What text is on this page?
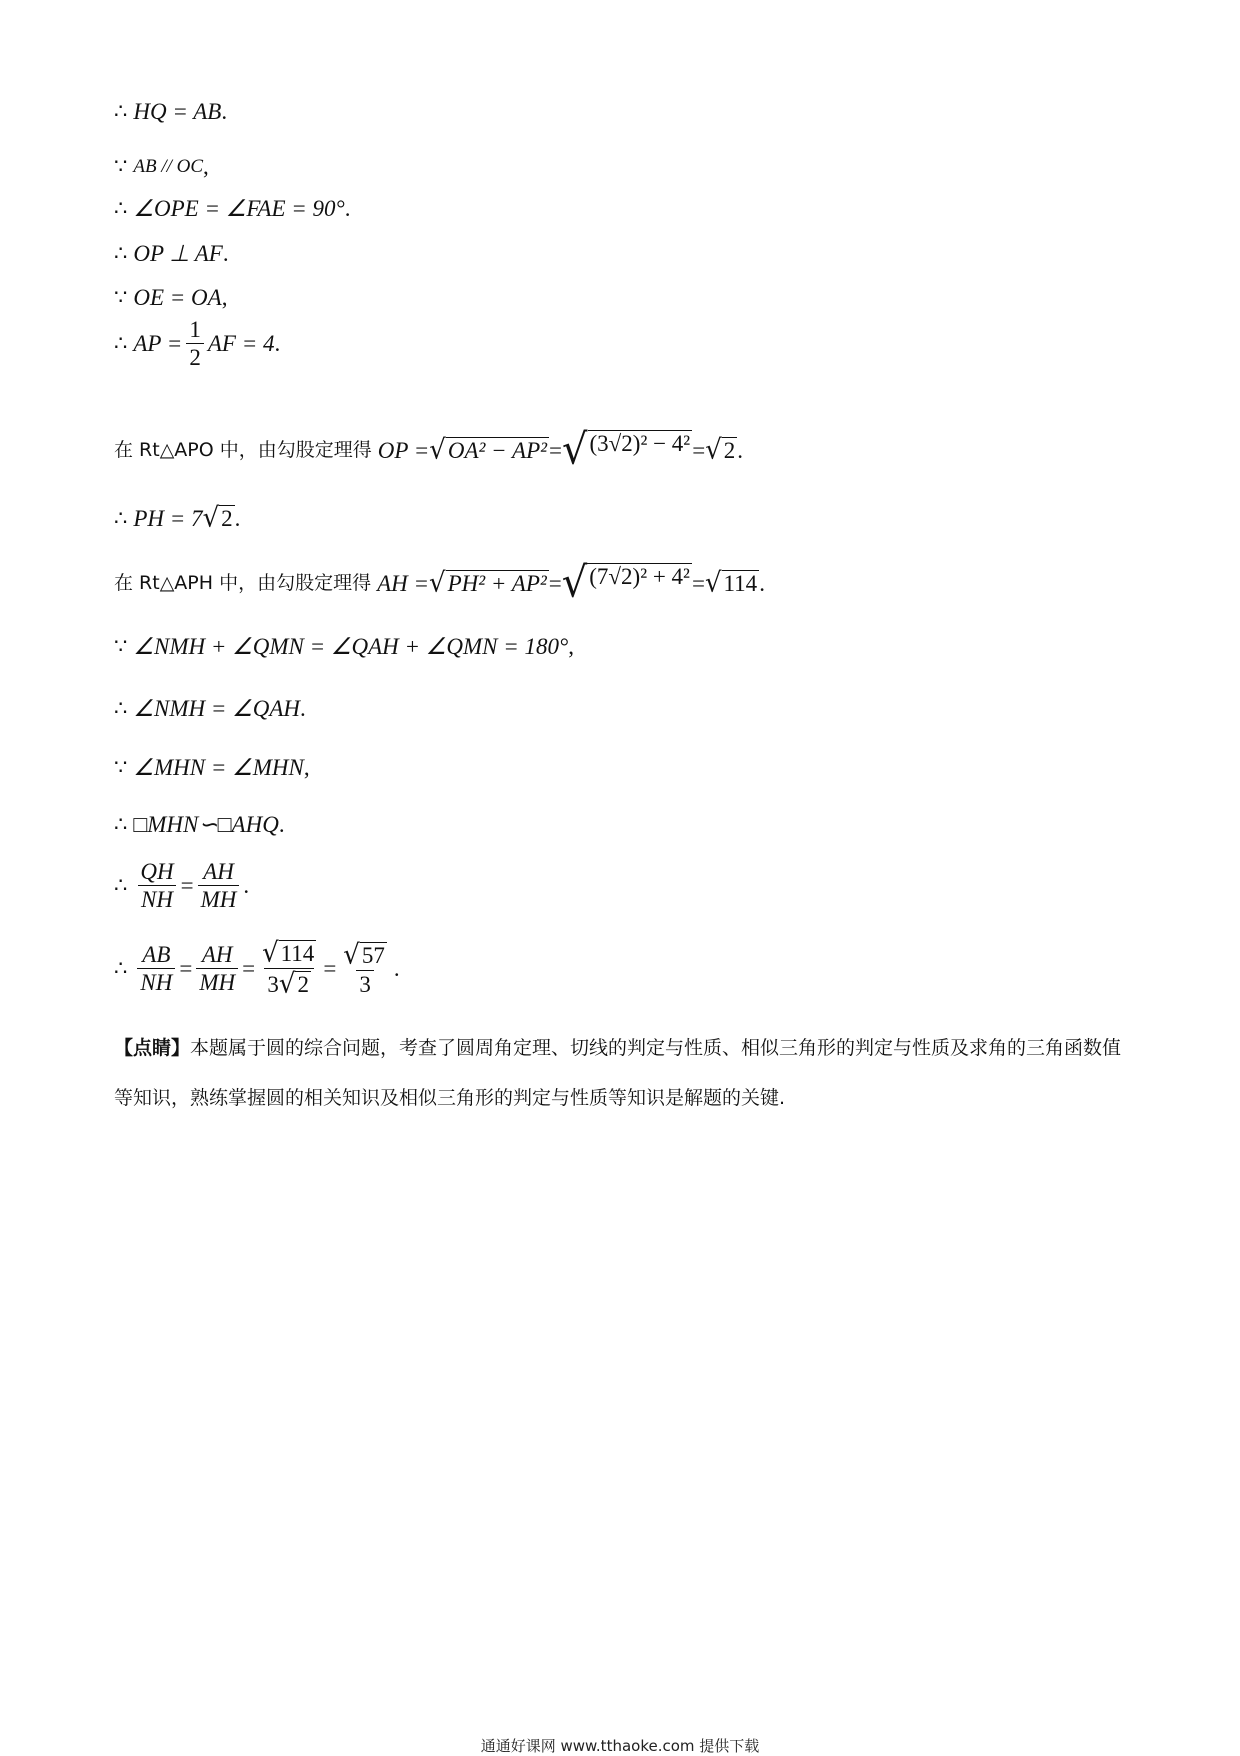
∴ HQ = AB .
∵ AB // OC ,
∴ ∠OPE = ∠FAE = 90° .
∴ OP ⊥ AF .
∵ OE = OA ,
∴ AP = $\frac{1}{2}$ AF = 4 .
在 Rt△APO 中，由勾股定理得 OP = √ OA² − AP² = √ (3√2)² − 4² = √ 2 .
∴ PH = 7 √ 2 .
在 Rt△APH 中，由勾股定理得 AH = √ PH² + AP² = √ (7√2)² + 4² = √ 114 .
∵ ∠NMH + ∠QMN = ∠QAH + ∠QMN = 180° ,
∴ ∠NMH = ∠QAH .
∵ ∠MHN = ∠MHN ,
∴ □MHN∽□AHQ .
∴ $\frac{QH}{NH} = \frac{AH}{MH}$ .
∴ $\frac{AB}{NH} = \frac{AH}{MH} = \frac{√ 114}{3 √ 2} = \frac{√ 57}{3}$ .
【点睛】本题属于圆的综合问题，考查了圆周角定理、切线的判定与性质、相似三角形的判定与性质及求角的三角函数值等知识，熟练掌握圆的相关知识及相似三角形的判定与性质等知识是解题的关键.
通通好课网 www.tthaoke.com 提供下载
